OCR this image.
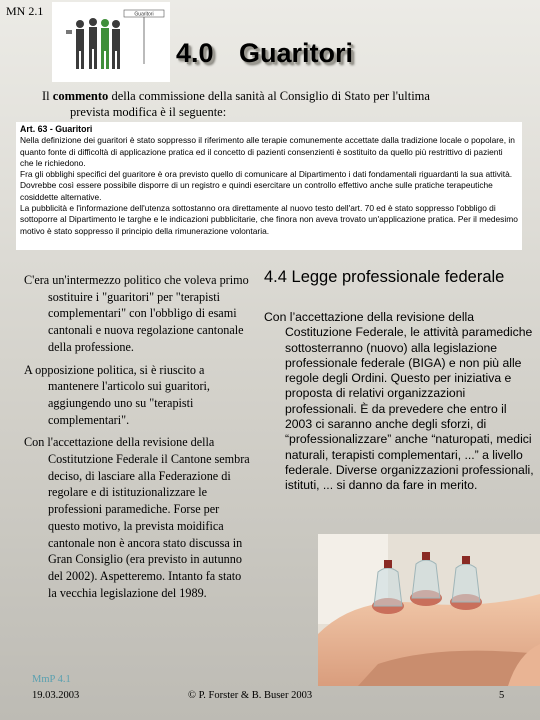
MN 2.1	Guaritori
4.0 Guaritori
Il commento della commissione della sanità al Consiglio di Stato per l'ultima
prevista modifica è il seguente:
Art. 63 - Guaritori
Nella definizione dei guaritori è stato soppresso il riferimento alle terapie comunemente accettate dalla tradizione locale o popolare, in quanto fonte di difficoltà di applicazione pratica ed il concetto di pazienti consenzienti è sostituito da quello più restrittivo di pazienti che le richiedono.
Fra gli obblighi specifici del guaritore è ora previsto quello di comunicare al Dipartimento i dati fondamentali riguardanti la sua attività.
Dovrebbe così essere possibile disporre di un registro e quindi esercitare un controllo effettivo anche sulle pratiche terapeutiche cosiddette alternative.
La pubblicità e l'informazione dell'utenza sottostanno ora direttamente al nuovo testo dell'art. 70 ed è stato soppresso l'obbligo di sottoporre al Dipartimento le targhe e le indicazioni pubblicitarie, che finora non aveva trovato un'applicazione pratica. Per il medesimo motivo è stato soppresso il principio della rimunerazione volontaria.

C'era un'intermezzo politico che voleva primo sostituire i "guaritori" per "terapisti complementari" con l'obbligo di esami cantonali e nuova regolazione cantonale della professione.

A opposizione politica, si è riuscito a mantenere l'articolo sui guaritori, aggiungendo uno su "terapisti complementari".

Con l'accettazione della revisione della Costitutzione Federale il Cantone sembra deciso, di lasciare alla Federazione di regolare e di istituzionalizzare le professioni paramediche. Forse per questo motivo, la prevista moidifica cantonale non è ancora stato discussa in Gran Consiglio (era previsto in autunno del 2002). Aspetteremo. Intanto fa stato la vecchia legislazione del 1989.

4.4 Legge professionale federale
Con l’accettazione della revisione della Costituzione Federale, le attività paramediche sottosterranno (nuovo) alla legislazione professionale federale (BIGA) e non più alle regole degli Ordini. Questo per iniziativa e proposta di relativi organizzazioni professionali. È da prevedere che entro il 2003 ci saranno anche degli sforzi, di “professionalizzare” anche “naturopati, medici naturali, terapisti complementari, ...” a livello federale. Diverse organizzazioni professionali, istituti, ... si danno da fare in merito.
MmP 4.1
19.03.2003	© P. Forster & B. Buser 2003	5
